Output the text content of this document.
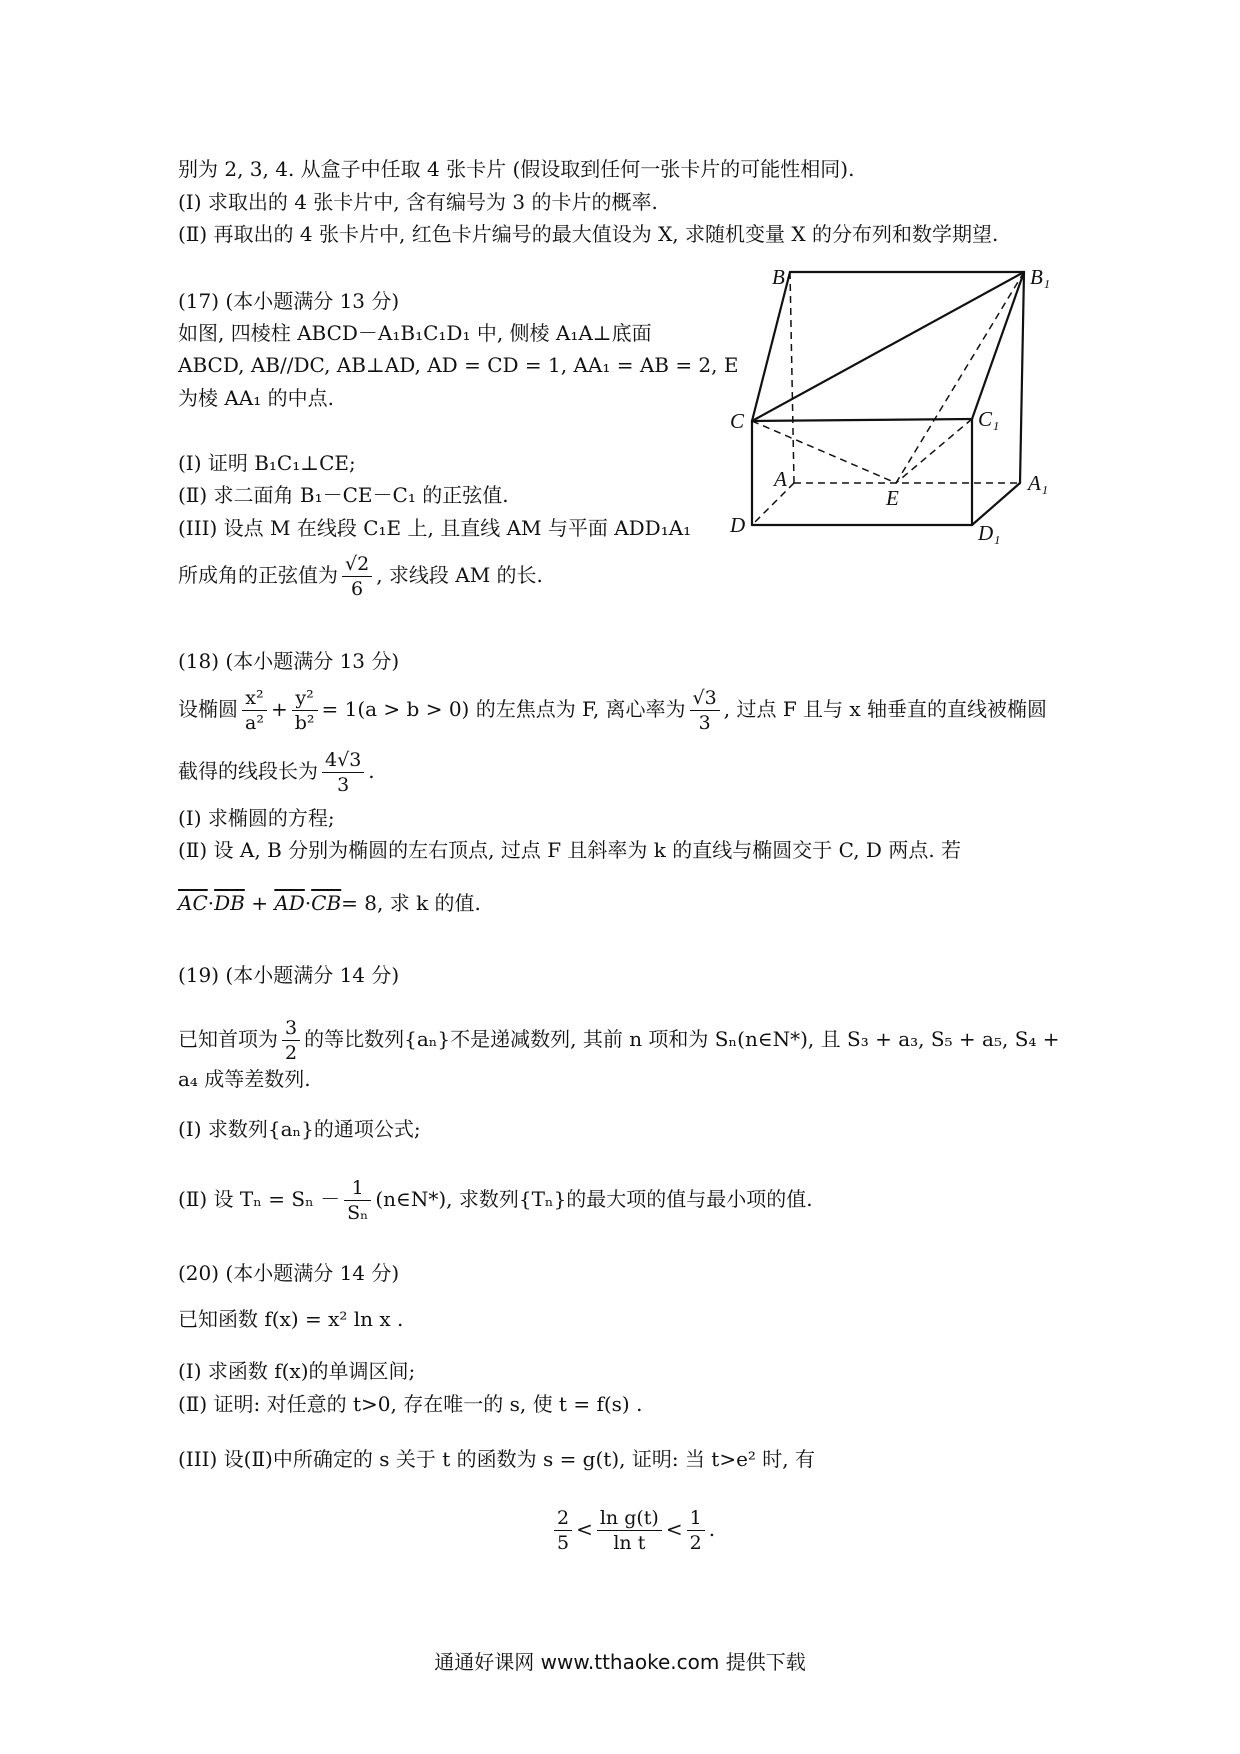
别为 2, 3, 4. 从盒子中任取 4 张卡片 (假设取到任何一张卡片的可能性相同).
(Ⅰ) 求取出的 4 张卡片中, 含有编号为 3 的卡片的概率.
(Ⅱ) 再取出的 4 张卡片中, 红色卡片编号的最大值设为 X, 求随机变量 X 的分布列和数学期望.
(17) (本小题满分 13 分)
如图, 四棱柱 ABCD－A₁B₁C₁D₁ 中, 侧棱 A₁A⊥底面
ABCD, AB//DC, AB⊥AD, AD = CD = 1, AA₁ = AB = 2, E
为棱 AA₁ 的中点.
(Ⅰ) 证明 B₁C₁⊥CE;
(Ⅱ) 求二面角 B₁－CE－C₁ 的正弦值.
(III) 设点 M 在线段 C₁E 上, 且直线 AM 与平面 ADD₁A₁
所成角的正弦值为 $\frac{√2}{6}$ , 求线段 AM 的长.
B	B₁
C	C₁
A	A₁
D	D₁
E
(18) (本小题满分 13 分)
设椭圆 $\frac{\text{x²}}{\text{a²}} + \frac{\text{y²}}{\text{b²}} = 1(a > b > 0)$ 的左焦点为 F, 离心率为 $\frac{√3}{3}$ , 过点 F 且与 x 轴垂直的直线被椭圆
截得的线段长为 $\frac{4√3}{3}$ .
(Ⅰ) 求椭圆的方程;
(Ⅱ) 设 A, B 分别为椭圆的左右顶点, 过点 F 且斜率为 k 的直线与椭圆交于 C, D 两点. 若
$\overline{AC}\cdot\overline{DB} + \overline{AD}\cdot\overline{CB}= 8$, 求 k 的值.
(19) (本小题满分 14 分)
已知首项为 $\frac{3}{2}$ 的等比数列{aₙ}不是递减数列, 其前 n 项和为 Sₙ(n∈N*), 且 S₃ + a₃, S₅ + a₅, S₄ +
a₄ 成等差数列.
(Ⅰ) 求数列{aₙ}的通项公式;
(Ⅱ) 设 $T_n = S_n - \frac{1}{\text{Sₙ}}$ (n∈N*), 求数列{Tₙ}的最大项的值与最小项的值.
(20) (本小题满分 14 分)
已知函数 f(x) = x² ln x .
(Ⅰ) 求函数 f(x)的单调区间;
(Ⅱ) 证明: 对任意的 t>0, 存在唯一的 s, 使 t = f(s) .
(III) 设(Ⅱ)中所确定的 s 关于 t 的函数为 s = g(t), 证明: 当 t>e² 时, 有
$\frac{2}{5} < \frac{\text{ln g(t)}}{\text{ln t}} < \frac{1}{2}$ .
通通好课网 www.tthaoke.com 提供下载
